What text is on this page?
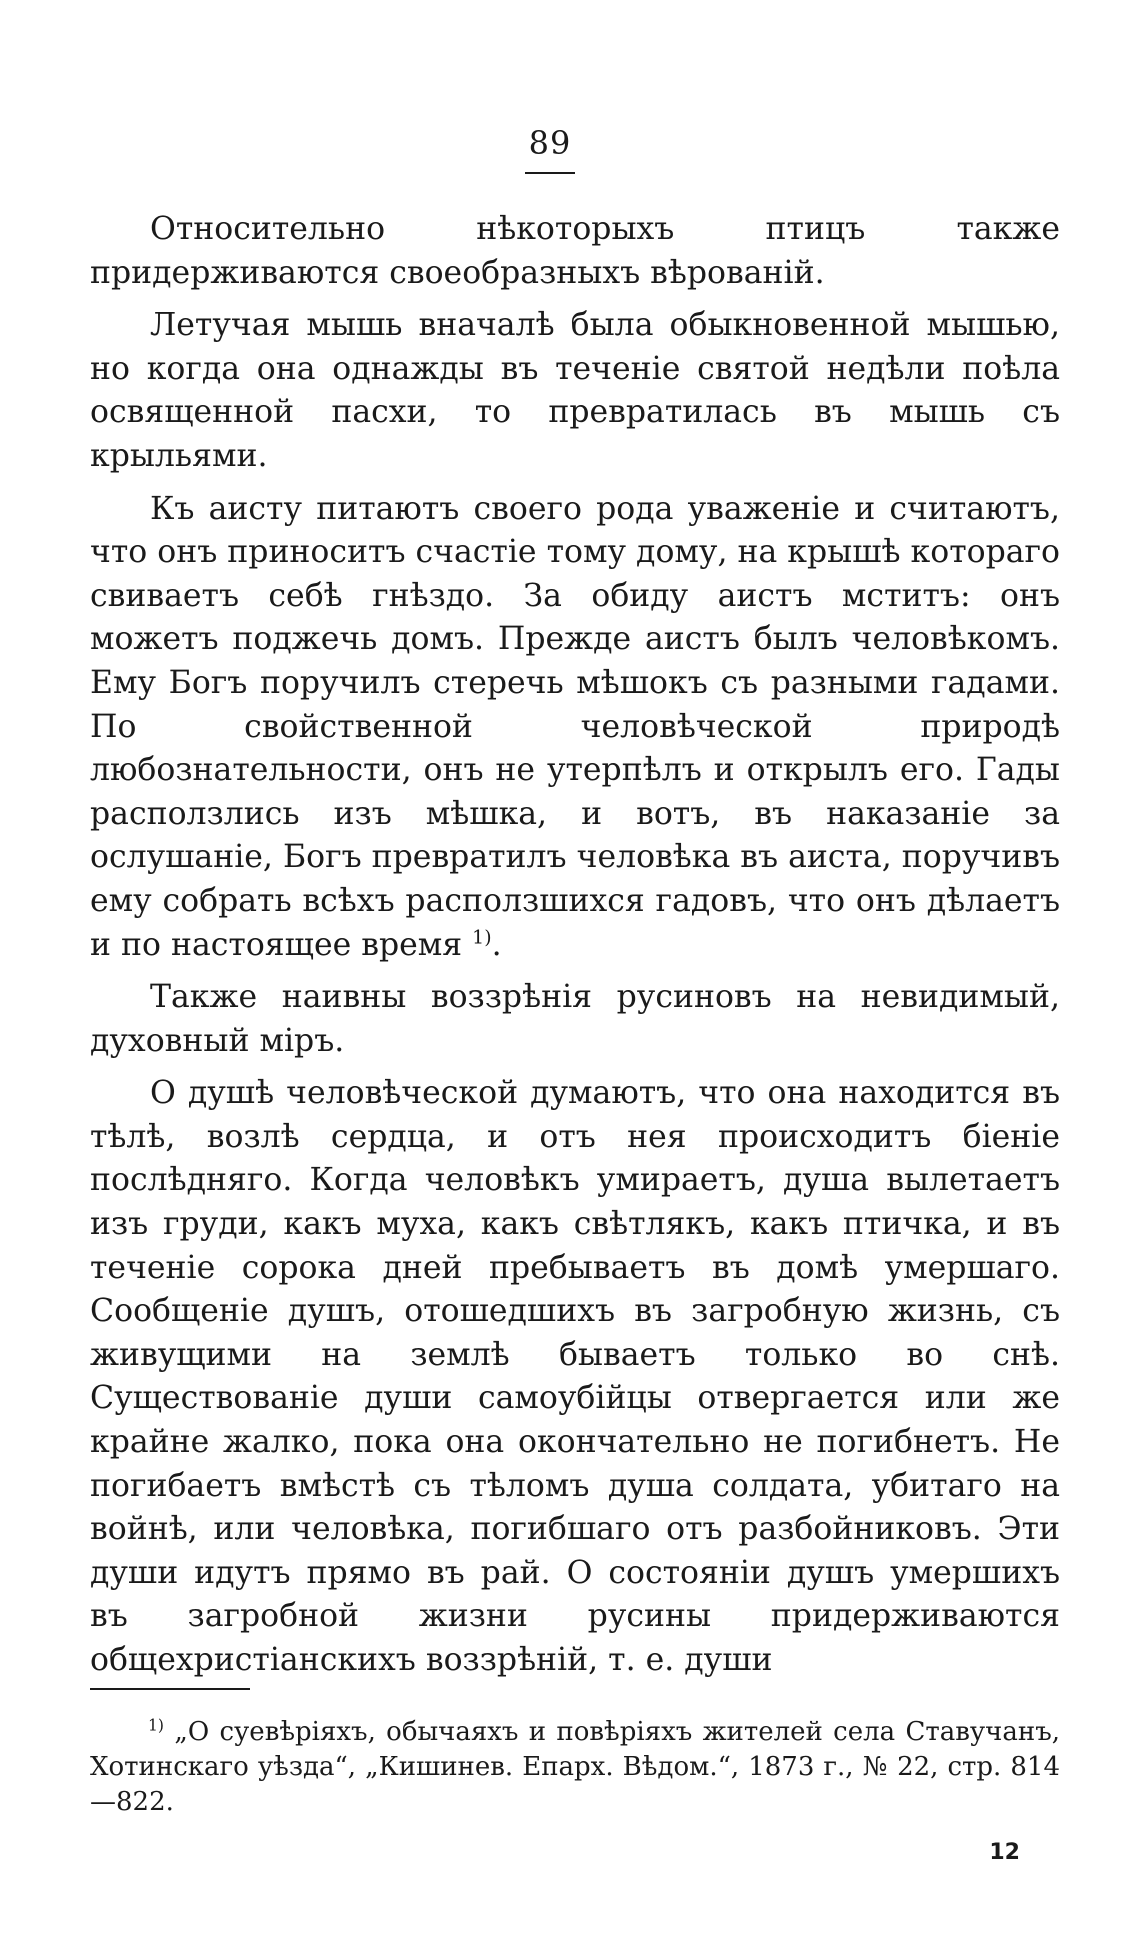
89

Относительно нѣкоторыхъ птицъ также придерживаются своеобразныхъ вѣрованій.

Летучая мышь вначалѣ была обыкновенной мышью, но когда она однажды въ теченіе святой недѣли поѣла освященной пасхи, то превратилась въ мышь съ крыльями.

Къ аисту питаютъ своего рода уваженіе и считаютъ, что онъ приноситъ счастіе тому дому, на крышѣ котораго свиваетъ себѣ гнѣздо. За обиду аистъ мститъ: онъ можетъ поджечь домъ. Прежде аистъ былъ человѣкомъ. Ему Богъ поручилъ стеречь мѣшокъ съ разными гадами. По свойственной человѣческой природѣ любознательности, онъ не утерпѣлъ и открылъ его. Гады расползлись изъ мѣшка, и вотъ, въ наказаніе за ослушаніе, Богъ превратилъ человѣка въ аиста, поручивъ ему собрать всѣхъ расползшихся гадовъ, что онъ дѣлаетъ и по настоящее время $^{1)}$.

Также наивны воззрѣнія русиновъ на невидимый, духовный міръ.

О душѣ человѣческой думаютъ, что она находится въ тѣлѣ, возлѣ сердца, и отъ нея происходитъ біеніе послѣдняго. Когда человѣкъ умираетъ, душа вылетаетъ изъ груди, какъ муха, какъ свѣтлякъ, какъ птичка, и въ теченіе сорока дней пребываетъ въ домѣ умершаго. Сообщеніе душъ, отошедшихъ въ загробную жизнь, съ живущими на землѣ бываетъ только во снѣ. Существованіе души самоубійцы отвергается или же крайне жалко, пока она окончательно не погибнетъ. Не погибаетъ вмѣстѣ съ тѣломъ душа солдата, убитаго на войнѣ, или человѣка, погибшаго отъ разбойниковъ. Эти души идутъ прямо въ рай. О состояніи душъ умершихъ въ загробной жизни русины придерживаются общехристіанскихъ воззрѣній, т. е. души

$^{1)}$ „О суевѣріяхъ, обычаяхъ и повѣріяхъ жителей села Ставучанъ, Хотинскаго уѣзда“, „Кишинев. Епарх. Вѣдом.“, 1873 г., № 22, стр. 814—822.

12
